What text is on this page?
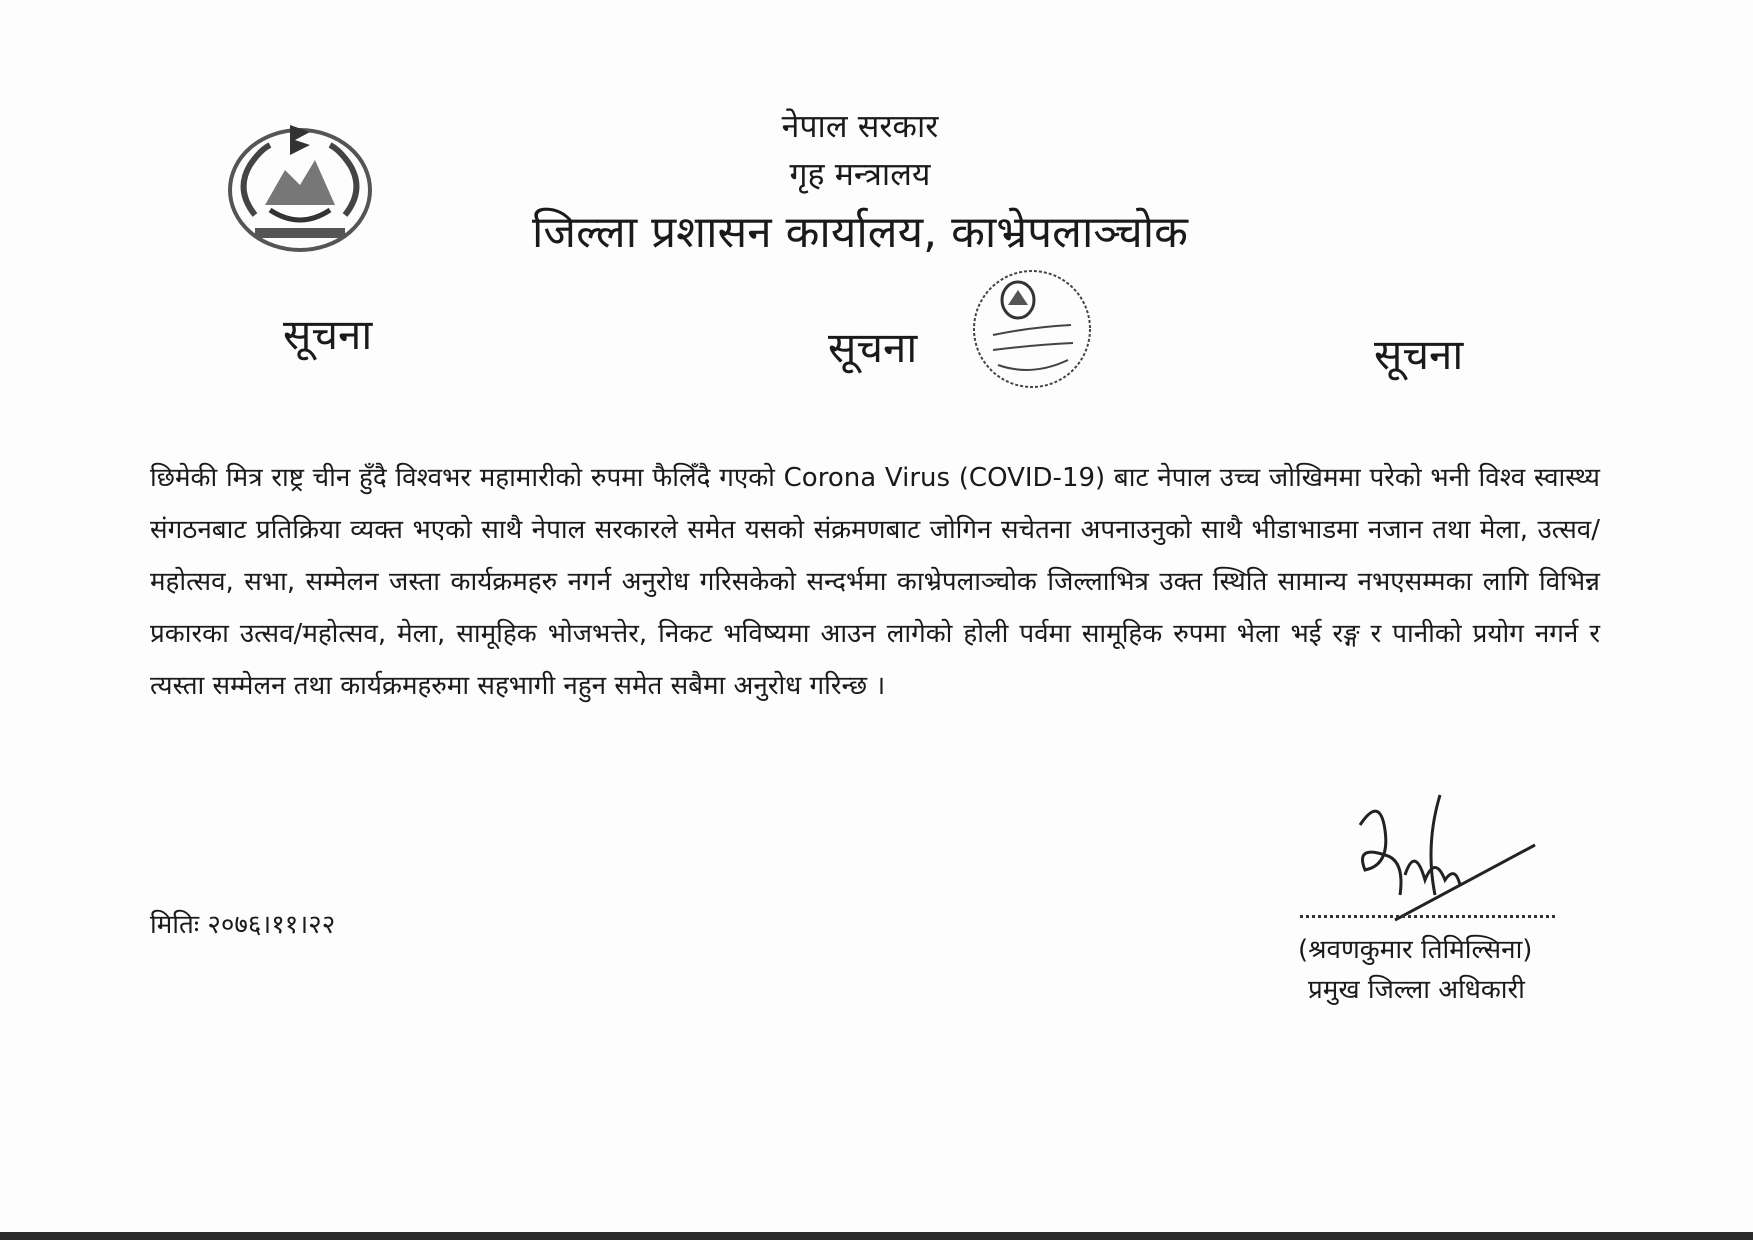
नेपाल सरकार
गृह मन्त्रालय
जिल्ला प्रशासन कार्यालय, काभ्रेपलाञ्चोक
सूचना	सूचना	सूचना
छिमेकी मित्र राष्ट्र चीन हुँदै विश्वभर महामारीको रुपमा फैलिँदै गएको Corona Virus (COVID-19) बाट नेपाल उच्च जोखिममा परेको भनी विश्व स्वास्थ्य संगठनबाट प्रतिक्रिया व्यक्त भएको साथै नेपाल सरकारले समेत यसको संक्रमणबाट जोगिन सचेतना अपनाउनुको साथै भीडाभाडमा नजान तथा मेला, उत्सव/महोत्सव, सभा, सम्मेलन जस्ता कार्यक्रमहरु नगर्न अनुरोध गरिसकेको सन्दर्भमा काभ्रेपलाञ्चोक जिल्लाभित्र उक्त स्थिति सामान्य नभएसम्मका लागि विभिन्न प्रकारका उत्सव/महोत्सव, मेला, सामूहिक भोजभत्तेर, निकट भविष्यमा आउन लागेको होली पर्वमा सामूहिक रुपमा भेला भई रङ्ग र पानीको प्रयोग नगर्न र त्यस्ता सम्मेलन तथा कार्यक्रमहरुमा सहभागी नहुन समेत सबैमा अनुरोध गरिन्छ ।
मितिः २०७६।११।२२
(श्रवणकुमार तिमिल्सिना)
प्रमुख जिल्ला अधिकारी
